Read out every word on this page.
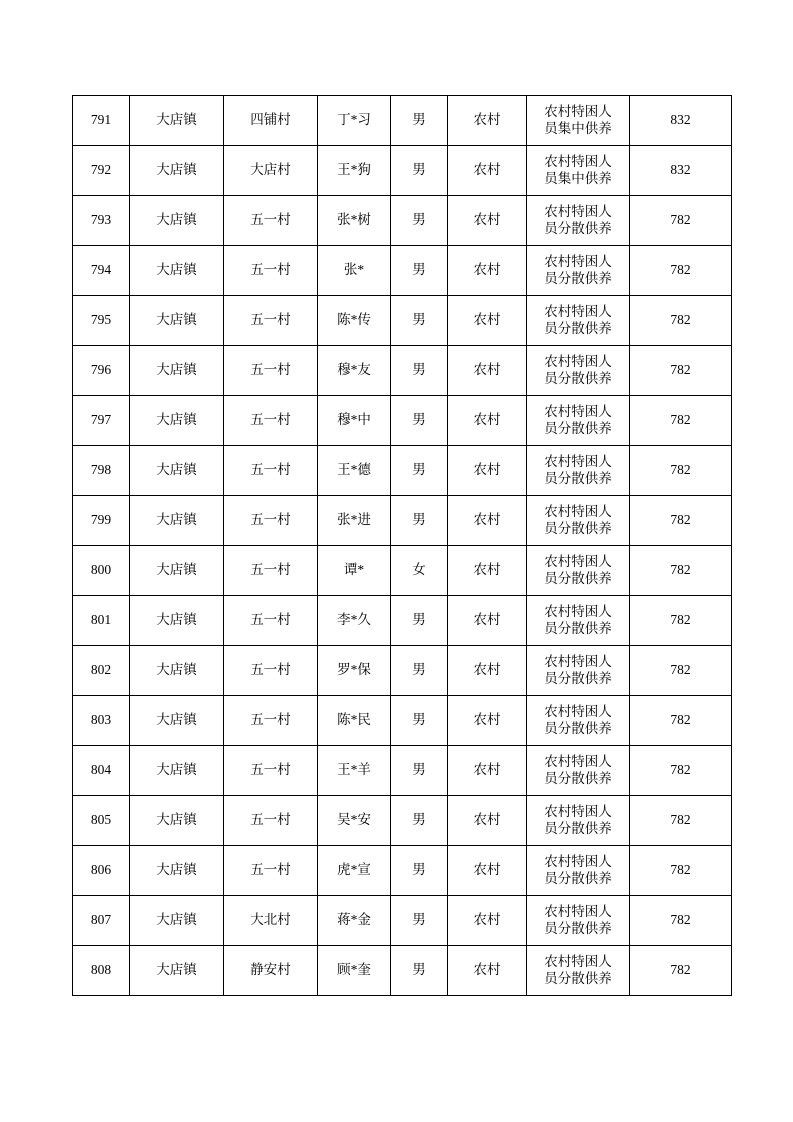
791	大店镇	四铺村	丁*习	男	农村	农村特困人
员集中供养	832
792	大店镇	大店村	王*狗	男	农村	农村特困人
员集中供养	832
793	大店镇	五一村	张*树	男	农村	农村特困人
员分散供养	782
794	大店镇	五一村	张*	男	农村	农村特困人
员分散供养	782
795	大店镇	五一村	陈*传	男	农村	农村特困人
员分散供养	782
796	大店镇	五一村	穆*友	男	农村	农村特困人
员分散供养	782
797	大店镇	五一村	穆*中	男	农村	农村特困人
员分散供养	782
798	大店镇	五一村	王*德	男	农村	农村特困人
员分散供养	782
799	大店镇	五一村	张*进	男	农村	农村特困人
员分散供养	782
800	大店镇	五一村	谭*	女	农村	农村特困人
员分散供养	782
801	大店镇	五一村	李*久	男	农村	农村特困人
员分散供养	782
802	大店镇	五一村	罗*保	男	农村	农村特困人
员分散供养	782
803	大店镇	五一村	陈*民	男	农村	农村特困人
员分散供养	782
804	大店镇	五一村	王*羊	男	农村	农村特困人
员分散供养	782
805	大店镇	五一村	吴*安	男	农村	农村特困人
员分散供养	782
806	大店镇	五一村	虎*宣	男	农村	农村特困人
员分散供养	782
807	大店镇	大北村	蒋*金	男	农村	农村特困人
员分散供养	782
808	大店镇	静安村	顾*奎	男	农村	农村特困人
员分散供养	782
